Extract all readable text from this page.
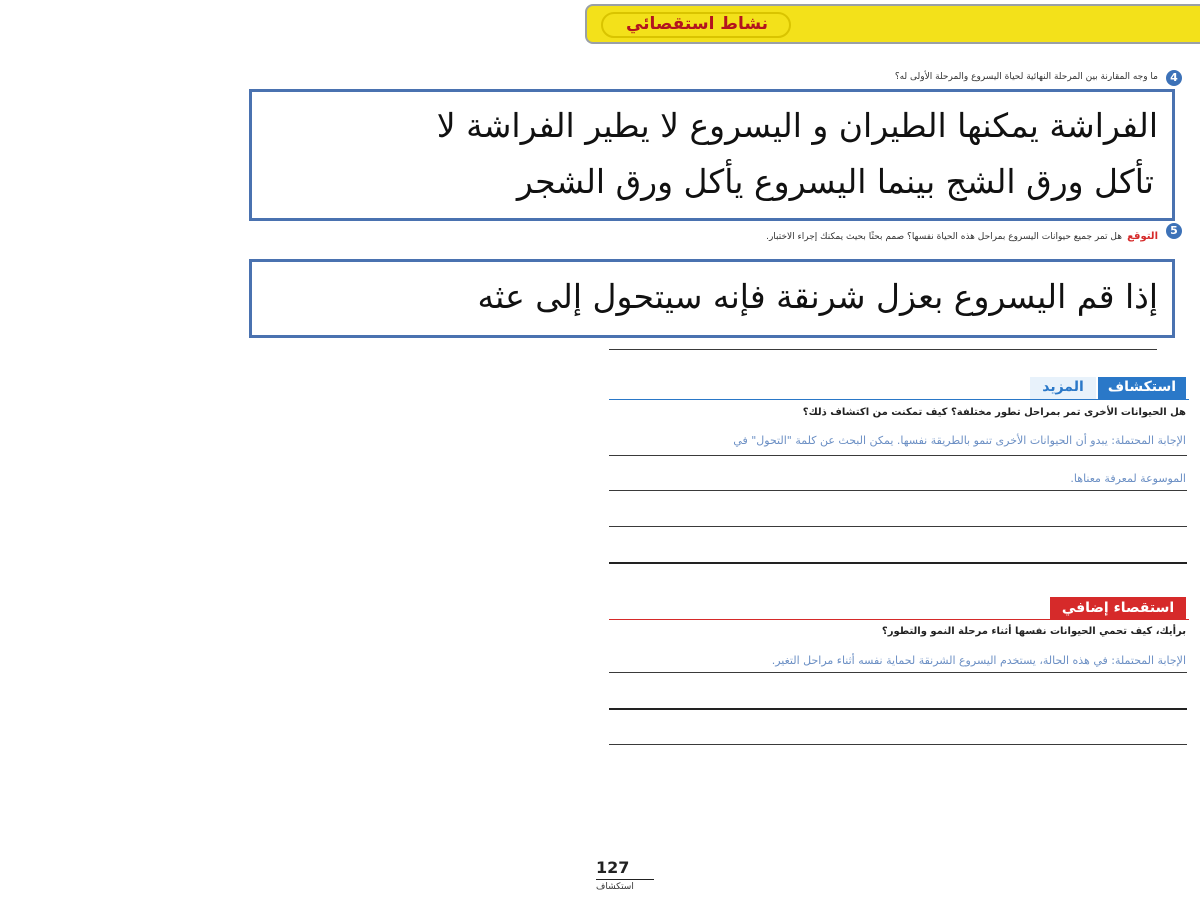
نشاط استقصائي
4
ما وجه المقارنة بين المرحلة النهائية لحياة اليسروع والمرحلة الأولى له؟
الفراشة يمكنها الطيران و اليسروع لا يطير الفراشة لا
تأكل ورق الشج بينما اليسروع يأكل ورق الشجر
5
التوقع هل تمر جميع حيوانات اليسروع بمراحل هذه الحياة نفسها؟ صمم بحثًا بحيث يمكنك إجراء الاختبار.
إذا قم اليسروع بعزل شرنقة فإنه سيتحول إلى عثه
استكشاف
المزيد
هل الحيوانات الأخرى تمر بمراحل تطور مختلفة؟ كيف تمكنت من اكتشاف ذلك؟
الإجابة المحتملة: يبدو أن الحيوانات الأخرى تنمو بالطريقة نفسها. يمكن البحث عن كلمة "التحول" في
الموسوعة لمعرفة معناها.
استقصاء إضافي
برأيك، كيف تحمي الحيوانات نفسها أثناء مرحلة النمو والتطور؟
الإجابة المحتملة: في هذه الحالة، يستخدم اليسروع الشرنقة لحماية نفسه أثناء مراحل التغير.
127
استكشاف
